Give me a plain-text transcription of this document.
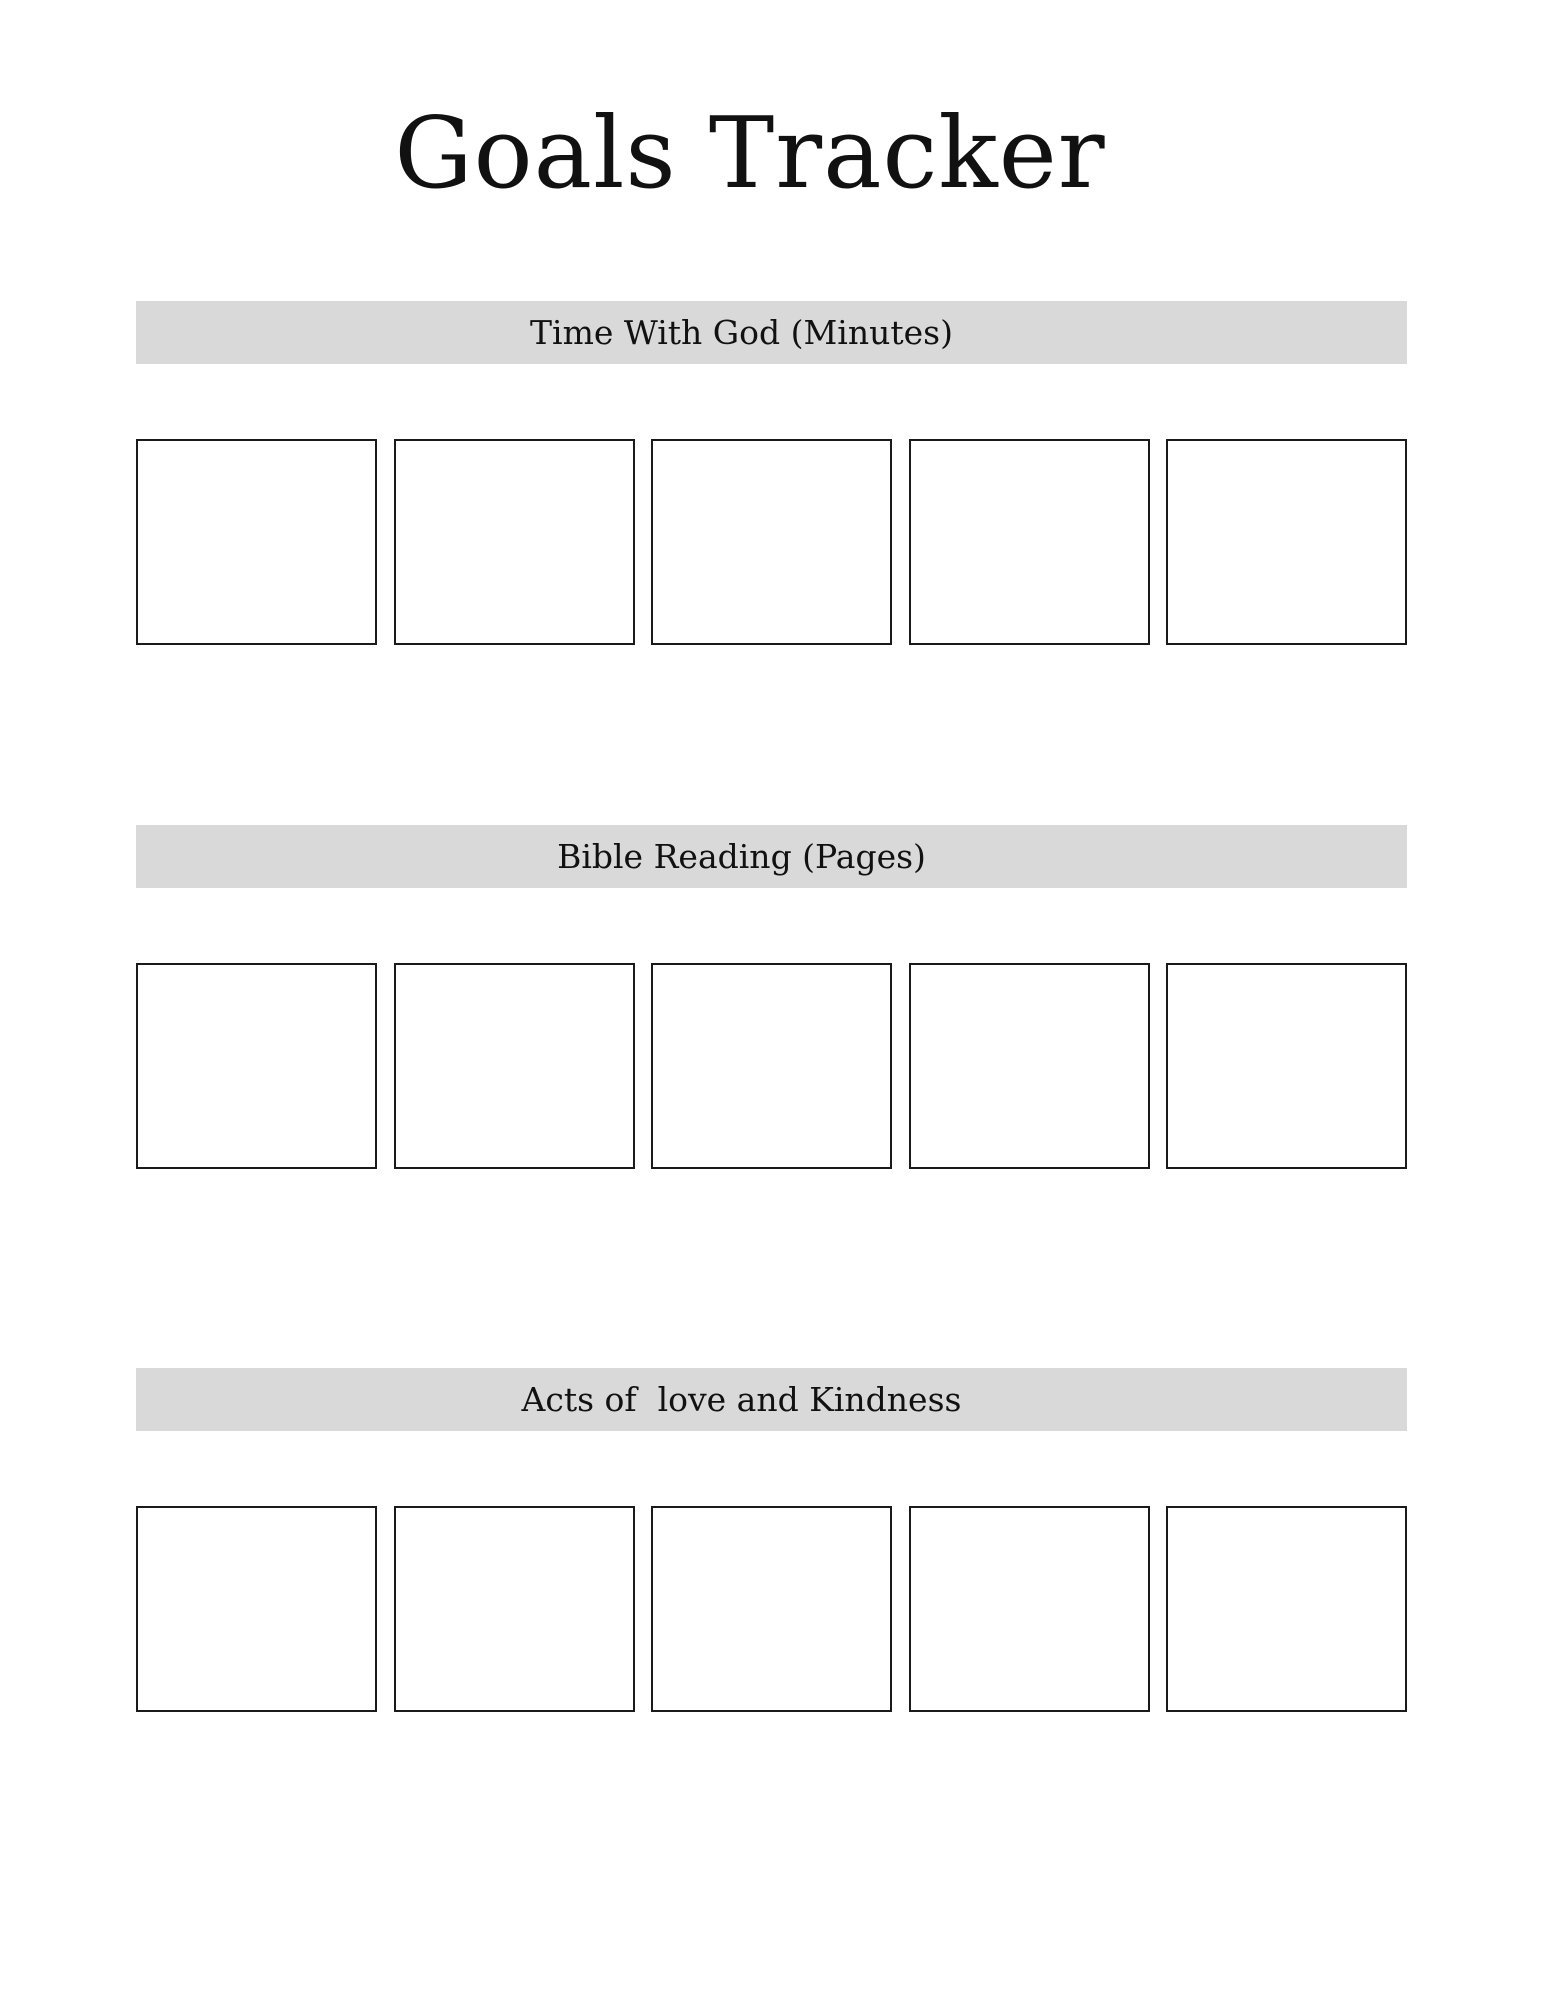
Goals Tracker
Time With God (Minutes)
Bible Reading (Pages)
Acts of  love and Kindness
